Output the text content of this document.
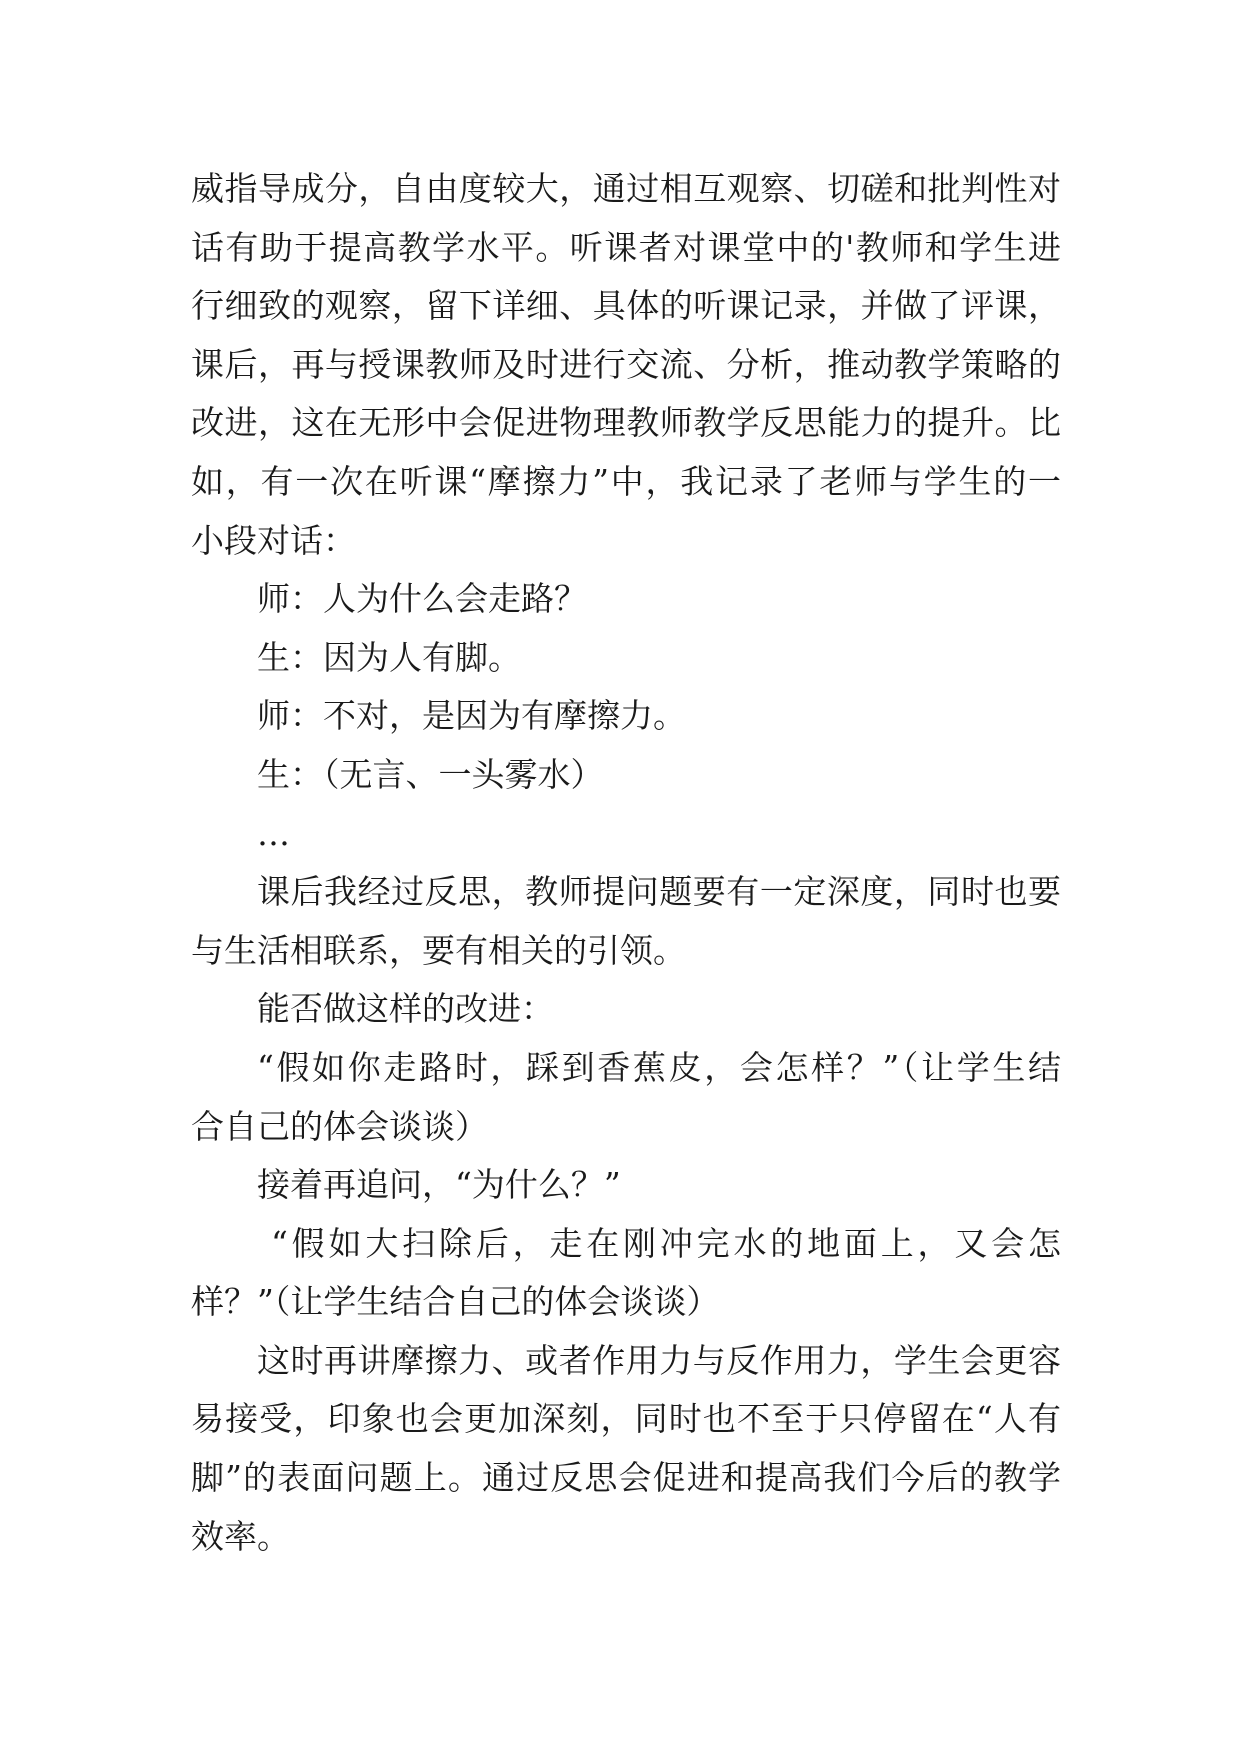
威指导成分，自由度较大，通过相互观察、切磋和批判性对

话有助于提高教学水平。听课者对课堂中的'教师和学生进

行细致的观察，留下详细、具体的听课记录，并做了评课，

课后，再与授课教师及时进行交流、分析，推动教学策略的

改进，这在无形中会促进物理教师教学反思能力的提升。比

如，有一次在听课“摩擦力”中，我记录了老师与学生的一

小段对话：

师：人为什么会走路？

生：因为人有脚。

师：不对，是因为有摩擦力。

生：（无言、一头雾水）

…

课后我经过反思，教师提问题要有一定深度，同时也要

与生活相联系，要有相关的引领。

能否做这样的改进：

“假如你走路时，踩到香蕉皮，会怎样？”（让学生结

合自己的体会谈谈）

接着再追问，“为什么？”

“假如大扫除后，走在刚冲完水的地面上，又会怎

样？”（让学生结合自己的体会谈谈）

这时再讲摩擦力、或者作用力与反作用力，学生会更容

易接受，印象也会更加深刻，同时也不至于只停留在“人有

脚”的表面问题上。通过反思会促进和提高我们今后的教学

效率。
